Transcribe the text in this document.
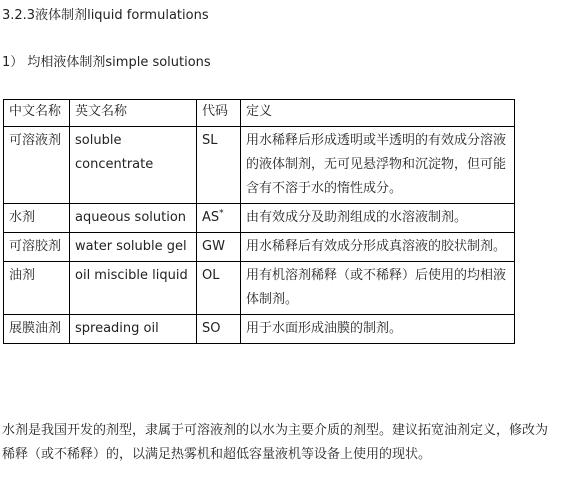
3.2.3液体制剂liquid formulations
1） 均相液体制剂simple solutions
中文名称	英文名称	代码	定义
可溶液剂	soluble concentrate	SL	用水稀释后形成透明或半透明的有效成分溶液的液体制剂，无可见悬浮物和沉淀物，但可能含有不溶于水的惰性成分。
水剂	aqueous solution	AS*	由有效成分及助剂组成的水溶液制剂。
可溶胶剂	water soluble gel	GW	用水稀释后有效成分形成真溶液的胶状制剂。
油剂	oil miscible liquid	OL	用有机溶剂稀释（或不稀释）后使用的均相液体制剂。
展膜油剂	spreading oil	SO	用于水面形成油膜的制剂。
水剂是我国开发的剂型，隶属于可溶液剂的以水为主要介质的剂型。建议拓宽油剂定义，修改为稀释（或不稀释）的，以满足热雾机和超低容量液机等设备上使用的现状。
